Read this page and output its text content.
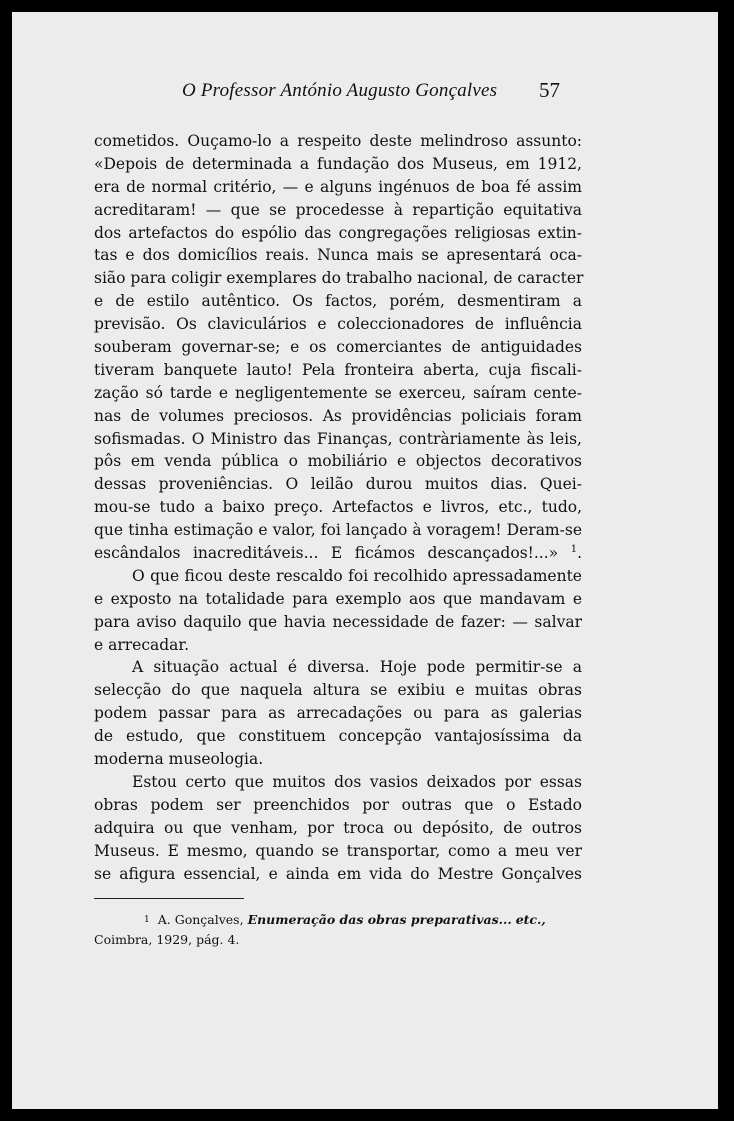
O Professor António Augusto Gonçalves 57
cometidos. Ouçamo-lo a respeito deste melindroso assunto:
«Depois de determinada a fundação dos Museus, em 1912,
era de normal critério, — e alguns ingénuos de boa fé assim
acreditaram! — que se procedesse à repartição equitativa
dos artefactos do espólio das congregações religiosas extin-
tas e dos domicílios reais. Nunca mais se apresentará oca-
sião para coligir exemplares do trabalho nacional, de caracter
e de estilo autêntico. Os factos, porém, desmentiram a
previsão. Os claviculários e coleccionadores de influência
souberam governar-se; e os comerciantes de antiguidades
tiveram banquete lauto! Pela fronteira aberta, cuja fiscali-
zação só tarde e negligentemente se exerceu, saíram cente-
nas de volumes preciosos. As providências policiais foram
sofismadas. O Ministro das Finanças, contràriamente às leis,
pôs em venda pública o mobiliário e objectos decorativos
dessas proveniências. O leilão durou muitos dias. Quei-
mou-se tudo a baixo preço. Artefactos e livros, etc., tudo,
que tinha estimação e valor, foi lançado à voragem! Deram-se
escândalos inacreditáveis... E ficámos descançados!...» $^1$.
O que ficou deste rescaldo foi recolhido apressadamente
e exposto na totalidade para exemplo aos que mandavam e
para aviso daquilo que havia necessidade de fazer: — salvar
e arrecadar.
A situação actual é diversa. Hoje pode permitir-se a
selecção do que naquela altura se exibiu e muitas obras
podem passar para as arrecadações ou para as galerias
de estudo, que constituem concepção vantajosíssima da
moderna museologia.
Estou certo que muitos dos vasios deixados por essas
obras podem ser preenchidos por outras que o Estado
adquira ou que venham, por troca ou depósito, de outros
Museus. E mesmo, quando se transportar, como a meu ver
se afigura essencial, e ainda em vida do Mestre Gonçalves
$^1$ A. Gonçalves, Enumeração das obras preparativas... etc.,
Coimbra, 1929, pág. 4.
